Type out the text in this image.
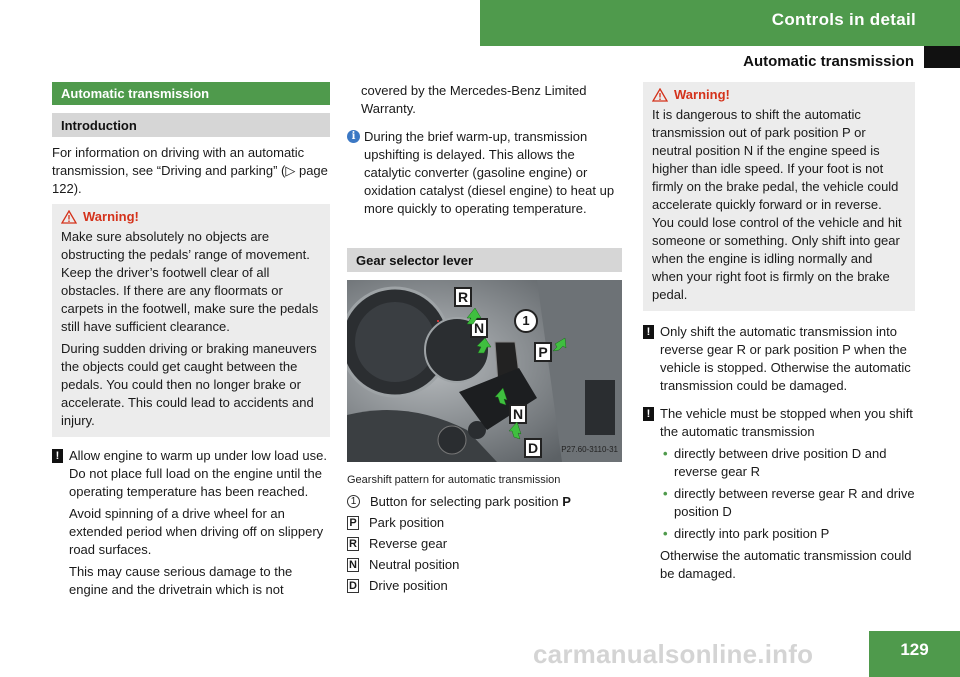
Controls in detail
Automatic transmission
Automatic transmission
Introduction

For information on driving with an automatic transmission, see “Driving and parking” (▷ page 122).

Warning!

Make sure absolutely no objects are obstructing the pedals’ range of movement. Keep the driver’s footwell clear of all obstacles. If there are any floormats or carpets in the footwell, make sure the pedals still have sufficient clearance.

During sudden driving or braking maneuvers the objects could get caught between the pedals. You could then no longer brake or accelerate. This could lead to accidents and injury.

! Allow engine to warm up under low load use. Do not place full load on the engine until the operating temperature has been reached.

Avoid spinning of a drive wheel for an extended period when driving off on slippery road surfaces.

This may cause serious damage to the engine and the drivetrain which is not

covered by the Mercedes-Benz Limited Warranty.

i During the brief warm-up, transmission upshifting is delayed. This allows the catalytic converter (gasoline engine) or oxidation catalyst (diesel engine) to heat up more quickly to operating temperature.

Gear selector lever
R
N	1
P
N
D	P27.60-3110-31

Gearshift pattern for automatic transmission

1 Button for selecting park position P
P Park position
R Reverse gear
N Neutral position
D Drive position
Warning!

It is dangerous to shift the automatic transmission out of park position P or neutral position N if the engine speed is higher than idle speed. If your foot is not firmly on the brake pedal, the vehicle could accelerate quickly forward or in reverse. You could lose control of the vehicle and hit someone or something. Only shift into gear when the engine is idling normally and when your right foot is firmly on the brake pedal.

! Only shift the automatic transmission into reverse gear R or park position P when the vehicle is stopped. Otherwise the automatic transmission could be damaged.

! The vehicle must be stopped when you shift the automatic transmission

• directly between drive position D and reverse gear R
• directly between reverse gear R and drive position D
• directly into park position P

Otherwise the automatic transmission could be damaged.

129
carmanualsonline.info
